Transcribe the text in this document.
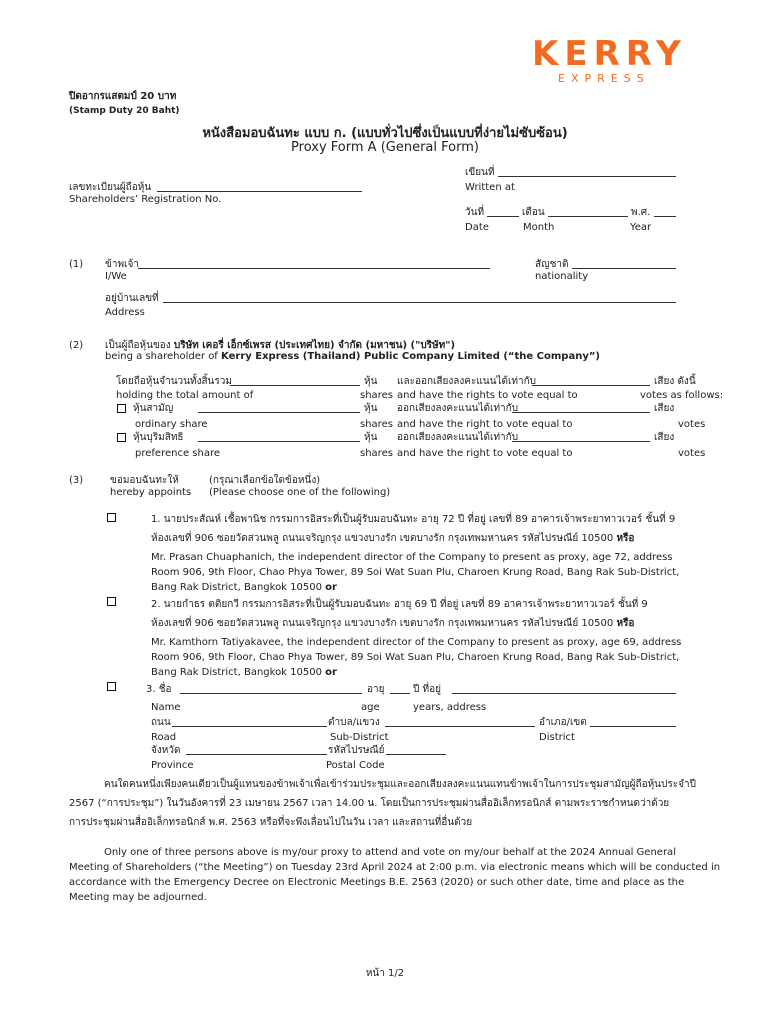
KERRY
EXPRESS
ปิดอากรแสตมป์ 20 บาท
(Stamp Duty 20 Baht)
หนังสือมอบฉันทะ แบบ ก. (แบบทั่วไปซึ่งเป็นแบบที่ง่ายไม่ซับซ้อน)
Proxy Form A (General Form)
เขียนที่
Written at
เลขทะเบียนผู้ถือหุ้น
Shareholders’ Registration No.
วันที่	เดือน	พ.ศ.
Date	Month	Year
(1) ข้าพเจ้า
I/We
สัญชาติ
nationality
อยู่บ้านเลขที่
Address
(2) เป็นผู้ถือหุ้นของ บริษัท เคอรี่ เอ็กซ์เพรส (ประเทศไทย) จำกัด (มหาชน) ("บริษัท")
being a shareholder of Kerry Express (Thailand) Public Company Limited (“the Company”)
โดยถือหุ้นจำนวนทั้งสิ้นรวม	หุ้น และออกเสียงลงคะแนนได้เท่ากับ	เสียง ดังนี้
holding the total amount of	shares and have the rights to vote equal to	votes as follows:
หุ้นสามัญ	หุ้น ออกเสียงลงคะแนนได้เท่ากับ	เสียง
ordinary share	shares and have the right to vote equal to	votes
หุ้นบุริมสิทธิ	หุ้น ออกเสียงลงคะแนนได้เท่ากับ	เสียง
preference share	shares and have the right to vote equal to	votes
(3)	ขอมอบฉันทะให้
hereby appoints
(กรุณาเลือกข้อใดข้อหนึ่ง)
(Please choose one of the following)
1. นายประสัณห์ เชื้อพานิช กรรมการอิสระที่เป็นผู้รับมอบฉันทะ อายุ 72 ปี ที่อยู่ เลขที่ 89 อาคารเจ้าพระยาทาวเวอร์ ชั้นที่ 9
ห้องเลขที่ 906 ซอยวัดสวนพลู ถนนเจริญกรุง แขวงบางรัก เขตบางรัก กรุงเทพมหานคร รหัสไปรษณีย์ 10500 หรือ
Mr. Prasan Chuaphanich, the independent director of the Company to present as proxy, age 72, address
Room 906, 9th Floor, Chao Phya Tower, 89 Soi Wat Suan Plu, Charoen Krung Road, Bang Rak Sub-District,
Bang Rak District, Bangkok 10500 or
2. นายกำธร ตติยกวี กรรมการอิสระที่เป็นผู้รับมอบฉันทะ อายุ 69 ปี ที่อยู่ เลขที่ 89 อาคารเจ้าพระยาทาวเวอร์ ชั้นที่ 9
ห้องเลขที่ 906 ซอยวัดสวนพลู ถนนเจริญกรุง แขวงบางรัก เขตบางรัก กรุงเทพมหานคร รหัสไปรษณีย์ 10500 หรือ
Mr. Kamthorn Tatiyakavee, the independent director of the Company to present as proxy, age 69, address
Room 906, 9th Floor, Chao Phya Tower, 89 Soi Wat Suan Plu, Charoen Krung Road, Bang Rak Sub-District,
Bang Rak District, Bangkok 10500 or
3. ชื่อ	อายุ	ปี ที่อยู่
Name	age	years, address
ถนน	ตำบล/แขวง	อำเภอ/เขต
Road	Sub-District	District
จังหวัด	รหัสไปรษณีย์
Province	Postal Code
คนใดคนหนึ่งเพียงคนเดียวเป็นผู้แทนของข้าพเจ้าเพื่อเข้าร่วมประชุมและออกเสียงลงคะแนนแทนข้าพเจ้าในการประชุมสามัญผู้ถือหุ้นประจำปี
2567 (“การประชุม”) ในวันอังคารที่ 23 เมษายน 2567 เวลา 14.00 น. โดยเป็นการประชุมผ่านสื่ออิเล็กทรอนิกส์ ตามพระราชกำหนดว่าด้วย
การประชุมผ่านสื่ออิเล็กทรอนิกส์ พ.ศ. 2563 หรือที่จะพึงเลื่อนไปในวัน เวลา และสถานที่อื่นด้วย
Only one of three persons above is my/our proxy to attend and vote on my/our behalf at the 2024 Annual General
Meeting of Shareholders (“the Meeting”) on Tuesday 23rd April 2024 at 2:00 p.m. via electronic means which will be conducted in
accordance with the Emergency Decree on Electronic Meetings B.E. 2563 (2020) or such other date, time and place as the
Meeting may be adjourned.
หน้า 1/2
